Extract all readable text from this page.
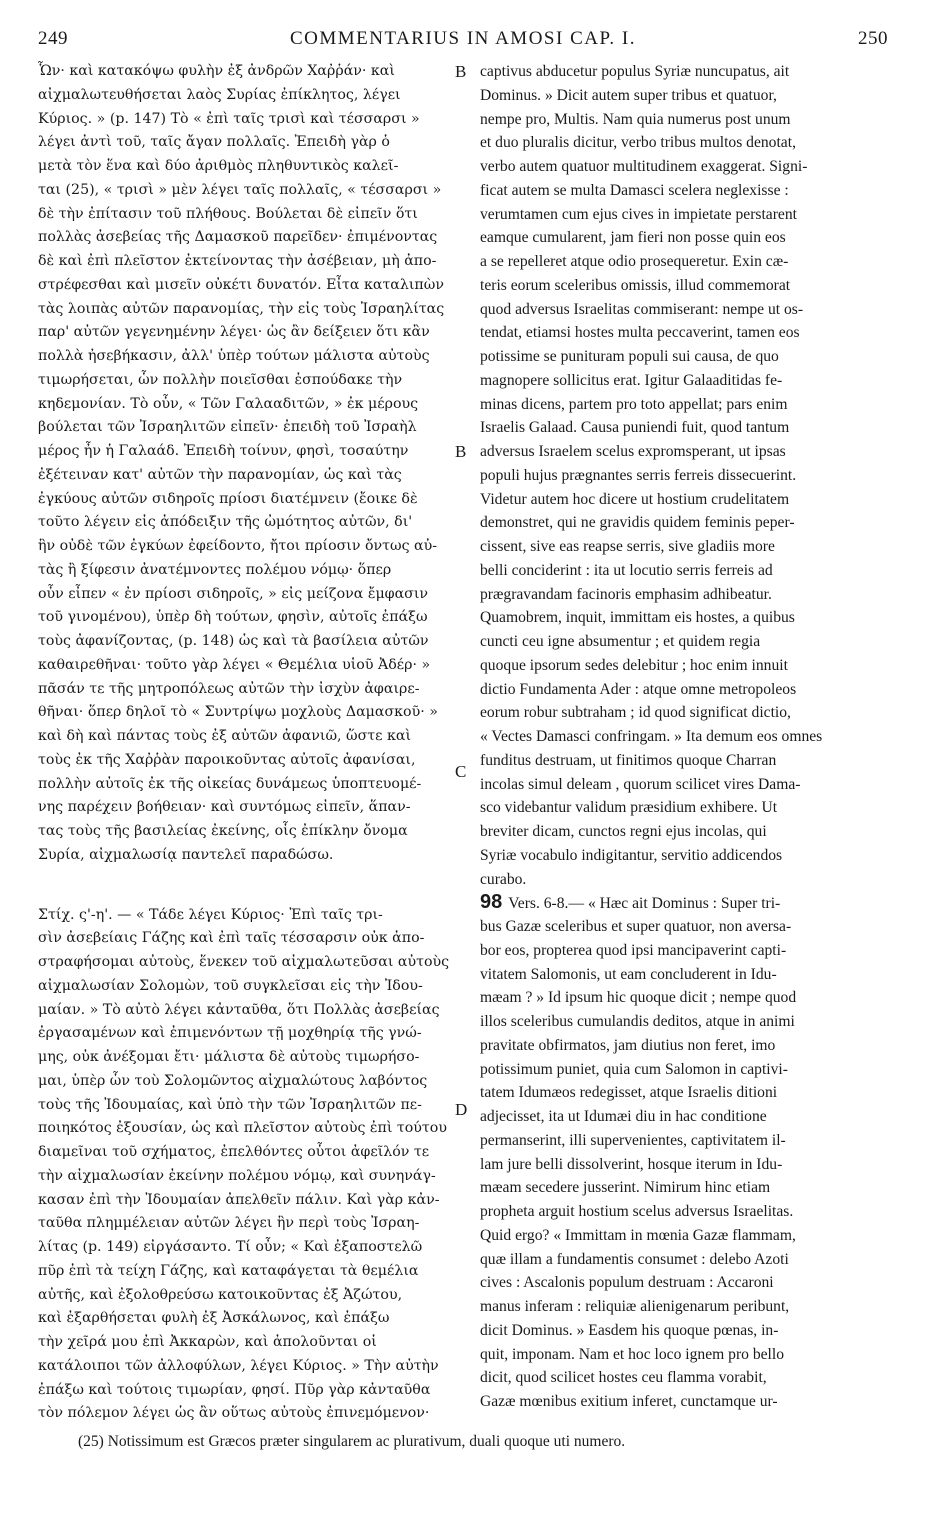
249	COMMENTARIUS IN AMOSI CAP. I.	250
Ὧν· καὶ κατακόψω φυλὴν ἐξ ἀνδρῶν Χαῤῥάν· καὶ
αἰχμαλωτευθήσεται λαὸς Συρίας ἐπίκλητος, λέγει
Κύριος. » (p. 147) Τὸ « ἐπὶ ταῖς τρισὶ καὶ τέσσαρσι »
λέγει ἀντὶ τοῦ, ταῖς ἄγαν πολλαῖς. Ἐπειδὴ γὰρ ὁ
μετὰ τὸν ἕνα καὶ δύο ἀριθμὸς πληθυντικὸς καλεῖ-
ται (25), « τρισὶ » μὲν λέγει ταῖς πολλαῖς, « τέσσαρσι »
δὲ τὴν ἐπίτασιν τοῦ πλήθους. Βούλεται δὲ εἰπεῖν ὅτι
πολλὰς ἀσεβείας τῆς Δαμασκοῦ παρεῖδεν· ἐπιμένοντας
δὲ καὶ ἐπὶ πλεῖστον ἐκτείνοντας τὴν ἀσέβειαν, μὴ ἀπο-
στρέφεσθαι καὶ μισεῖν οὐκέτι δυνατόν. Εἶτα καταλιπὼν
τὰς λοιπὰς αὐτῶν παρανομίας, τὴν εἰς τοὺς Ἰσραηλίτας
παρ' αὐτῶν γεγενημένην λέγει· ὡς ἂν δείξειεν ὅτι κἂν
πολλὰ ἠσεβήκασιν, ἀλλ' ὑπὲρ τούτων μάλιστα αὐτοὺς
τιμωρήσεται, ὧν πολλὴν ποιεῖσθαι ἐσπούδακε τὴν
κηδεμονίαν. Τὸ οὖν, « Τῶν Γαλααδιτῶν, » ἐκ μέρους
βούλεται τῶν Ἰσραηλιτῶν εἰπεῖν· ἐπειδὴ τοῦ Ἰσραὴλ
μέρος ἦν ἡ Γαλαάδ. Ἐπειδὴ τοίνυν, φησὶ, τοσαύτην
ἐξέτειναν κατ' αὐτῶν τὴν παρανομίαν, ὡς καὶ τὰς
ἐγκύους αὐτῶν σιδηροῖς πρίοσι διατέμνειν (ἔοικε δὲ
τοῦτο λέγειν εἰς ἀπόδειξιν τῆς ὠμότητος αὐτῶν, δι'
ἣν οὐδὲ τῶν ἐγκύων ἐφείδοντο, ἤτοι πρίοσιν ὄντως αὐ-
τὰς ἢ ξίφεσιν ἀνατέμνοντες πολέμου νόμῳ· ὅπερ
οὖν εἶπεν « ἐν πρίοσι σιδηροῖς, » εἰς μείζονα ἔμφασιν
τοῦ γινομένου), ὑπὲρ δὴ τούτων, φησὶν, αὐτοῖς ἐπάξω
τοὺς ἀφανίζοντας, (p. 148) ὡς καὶ τὰ βασίλεια αὐτῶν
καθαιρεθῆναι· τοῦτο γὰρ λέγει « Θεμέλια υἱοῦ Ἀδέρ· »
πᾶσάν τε τῆς μητροπόλεως αὐτῶν τὴν ἰσχὺν ἀφαιρε-
θῆναι· ὅπερ δηλοῖ τὸ « Συντρίψω μοχλοὺς Δαμασκοῦ· »
καὶ δὴ καὶ πάντας τοὺς ἐξ αὐτῶν ἀφανιῶ, ὥστε καὶ
τοὺς ἐκ τῆς Χαῤῥὰν παροικοῦντας αὐτοῖς ἀφανίσαι,
πολλὴν αὐτοῖς ἐκ τῆς οἰκείας δυνάμεως ὑποπτευομέ-
νης παρέχειν βοήθειαν· καὶ συντόμως εἰπεῖν, ἅπαν-
τας τοὺς τῆς βασιλείας ἐκείνης, οἷς ἐπίκλην ὄνομα
Συρία, αἰχμαλωσίᾳ παντελεῖ παραδώσω.
Στίχ. ς'-η'. — « Τάδε λέγει Κύριος· Ἐπὶ ταῖς τρι-
σὶν ἀσεβείαις Γάζης καὶ ἐπὶ ταῖς τέσσαρσιν οὐκ ἀπο-
στραφήσομαι αὐτοὺς, ἕνεκεν τοῦ αἰχμαλωτεῦσαι αὐτοὺς
αἰχμαλωσίαν Σολομὼν, τοῦ συγκλεῖσαι εἰς τὴν Ἰδου-
μαίαν. » Τὸ αὐτὸ λέγει κἀνταῦθα, ὅτι Πολλὰς ἀσεβείας
ἐργασαμένων καὶ ἐπιμενόντων τῇ μοχθηρίᾳ τῆς γνώ-
μης, οὐκ ἀνέξομαι ἔτι· μάλιστα δὲ αὐτοὺς τιμωρήσο-
μαι, ὑπὲρ ὧν τοὺ Σολομῶντος αἰχμαλώτους λαβόντος
τοὺς τῆς Ἰδουμαίας, καὶ ὑπὸ τὴν τῶν Ἰσραηλιτῶν πε-
ποιηκότος ἐξουσίαν, ὡς καὶ πλεῖστον αὐτοὺς ἐπὶ τούτου
διαμεῖναι τοῦ σχήματος, ἐπελθόντες οὗτοι ἀφεῖλόν τε
τὴν αἰχμαλωσίαν ἐκείνην πολέμου νόμῳ, καὶ συνηνάγ-
κασαν ἐπὶ τὴν Ἰδουμαίαν ἀπελθεῖν πάλιν. Καὶ γὰρ κἀν-
ταῦθα πλημμέλειαν αὐτῶν λέγει ἣν περὶ τοὺς Ἰσραη-
λίτας (p. 149) εἰργάσαντο. Τί οὖν; « Καὶ ἐξαποστελῶ
πῦρ ἐπὶ τὰ τείχη Γάζης, καὶ καταφάγεται τὰ θεμέλια
αὐτῆς, καὶ ἐξολοθρεύσω κατοικοῦντας ἐξ Ἀζώτου,
καὶ ἐξαρθήσεται φυλὴ ἐξ Ἀσκάλωνος, καὶ ἐπάξω
τὴν χεῖρά μου ἐπὶ Ἀκκαρὼν, καὶ ἀπολοῦνται οἱ
κατάλοιποι τῶν ἀλλοφύλων, λέγει Κύριος. » Τὴν αὐτὴν
ἐπάξω καὶ τούτοις τιμωρίαν, φησί. Πῦρ γὰρ κἀνταῦθα
τὸν πόλεμον λέγει ὡς ἂν οὕτως αὐτοὺς ἐπινεμόμενον·
B
B
C
D
captivus abducetur populus Syriæ nuncupatus, ait
Dominus. » Dicit autem super tribus et quatuor,
nempe pro, Multis. Nam quia numerus post unum
et duo pluralis dicitur, verbo tribus multos denotat,
verbo autem quatuor multitudinem exaggerat. Signi-
ficat autem se multa Damasci scelera neglexisse :
verumtamen cum ejus cives in impietate perstarent
eamque cumularent, jam fieri non posse quin eos
a se repelleret atque odio prosequeretur. Exin cæ-
teris eorum sceleribus omissis, illud commemorat
quod adversus Israelitas commiserant: nempe ut os-
tendat, etiamsi hostes multa peccaverint, tamen eos
potissime se punituram populi sui causa, de quo
magnopere sollicitus erat. Igitur Galaaditidas fe-
minas dicens, partem pro toto appellat; pars enim
Israelis Galaad. Causa puniendi fuit, quod tantum
adversus Israelem scelus expromsperant, ut ipsas
populi hujus prægnantes serris ferreis dissecuerint.
Videtur autem hoc dicere ut hostium crudelitatem
demonstret, qui ne gravidis quidem feminis peper-
cissent, sive eas reapse serris, sive gladiis more
belli conciderint : ita ut locutio serris ferreis ad
prægravandam facinoris emphasim adhibeatur.
Quamobrem, inquit, immittam eis hostes, a quibus
cuncti ceu igne absumentur ; et quidem regia
quoque ipsorum sedes delebitur ; hoc enim innuit
dictio Fundamenta Ader : atque omne metropoleos
eorum robur subtraham ; id quod significat dictio,
« Vectes Damasci confringam. » Ita demum eos omnes
funditus destruam, ut finitimos quoque Charran
incolas simul deleam , quorum scilicet vires Dama-
sco videbantur validum præsidium exhibere. Ut
breviter dicam, cunctos regni ejus incolas, qui
Syriæ vocabulo indigitantur, servitio addicendos
curabo.
98 Vers. 6-8.— « Hæc ait Dominus : Super tri-
bus Gazæ sceleribus et super quatuor, non aversa-
bor eos, propterea quod ipsi mancipaverint capti-
vitatem Salomonis, ut eam concluderent in Idu-
mæam ? » Id ipsum hic quoque dicit ; nempe quod
illos sceleribus cumulandis deditos, atque in animi
pravitate obfirmatos, jam diutius non feret, imo
potissimum puniet, quia cum Salomon in captivi-
tatem Idumæos redegisset, atque Israelis ditioni
adjecisset, ita ut Idumæi diu in hac conditione
permanserint, illi supervenientes, captivitatem il-
lam jure belli dissolverint, hosque iterum in Idu-
mæam secedere jusserint. Nimirum hinc etiam
propheta arguit hostium scelus adversus Israelitas.
Quid ergo? « Immittam in mœnia Gazæ flammam,
quæ illam a fundamentis consumet : delebo Azoti
cives : Ascalonis populum destruam : Accaroni
manus inferam : reliquiæ alienigenarum peribunt,
dicit Dominus. » Easdem his quoque pœnas, in-
quit, imponam. Nam et hoc loco ignem pro bello
dicit, quod scilicet hostes ceu flamma vorabit,
Gazæ mœnibus exitium inferet, cunctamque ur-
(25) Notissimum est Græcos præter singularem ac plurativum, duali quoque uti numero.
